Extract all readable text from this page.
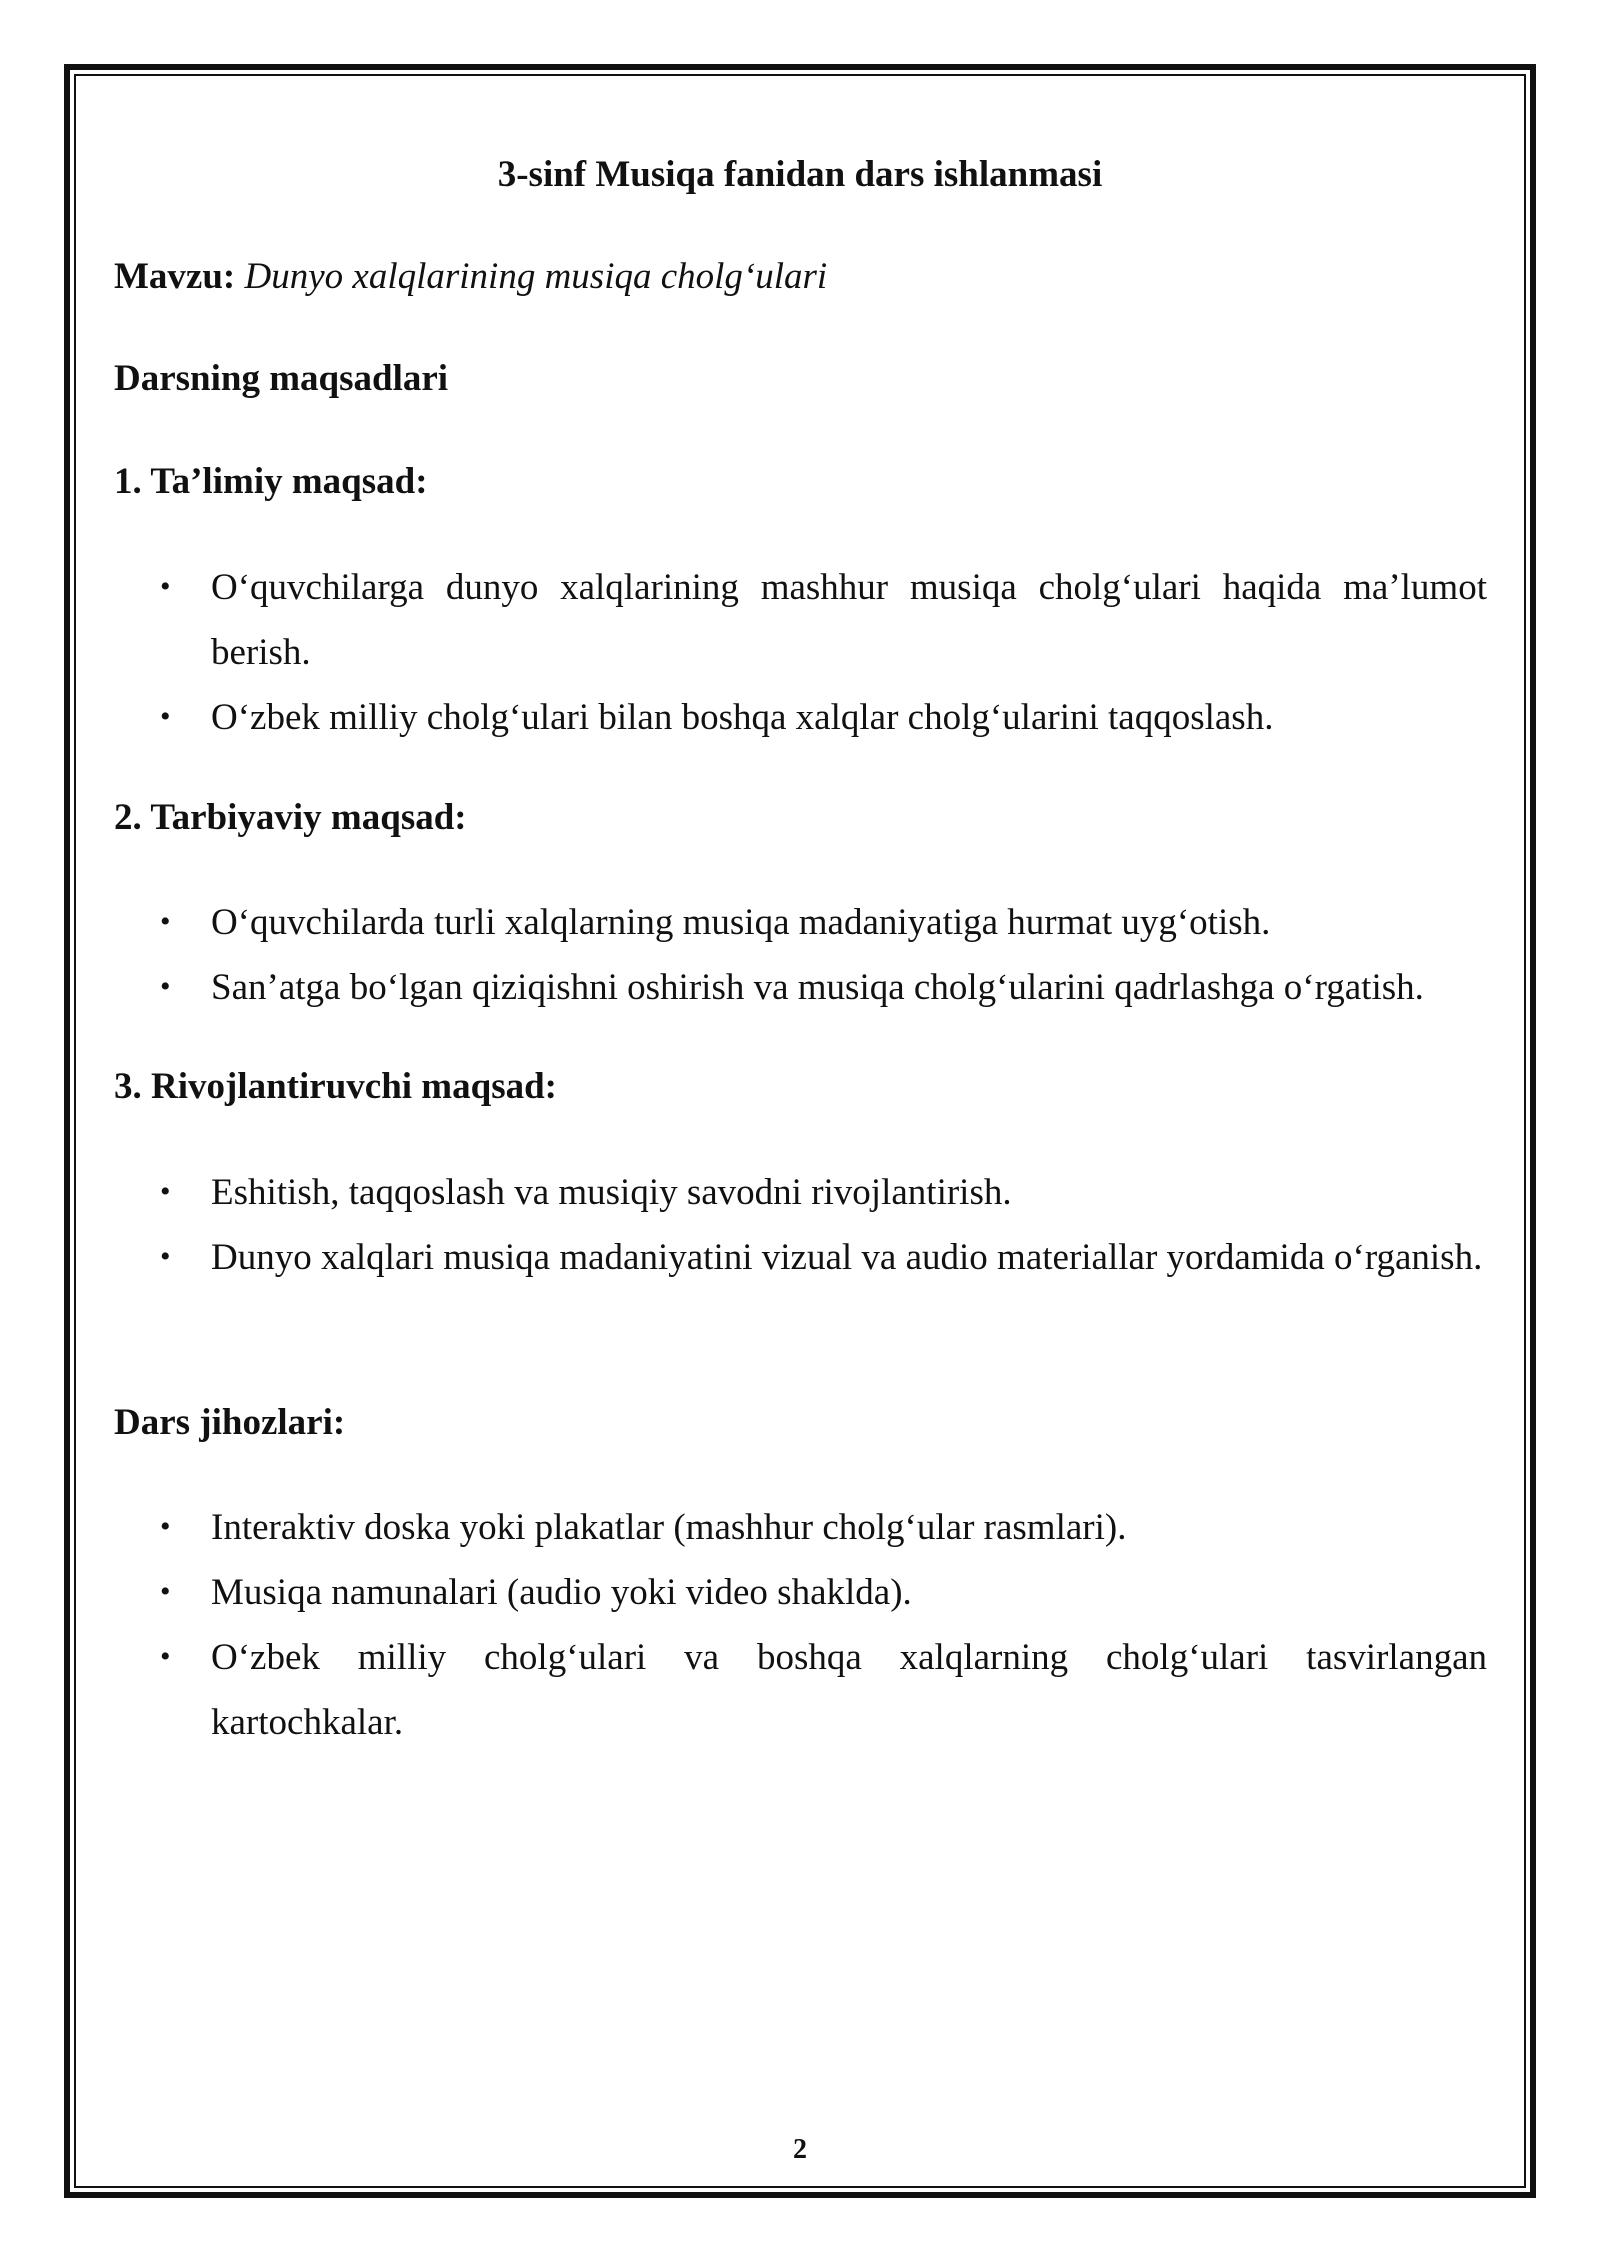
3-sinf Musiqa fanidan dars ishlanmasi

Mavzu: Dunyo xalqlarining musiqa cholg‘ulari

Darsning maqsadlari

1. Ta’limiy maqsad:

• O‘quvchilarga dunyo xalqlarining mashhur musiqa cholg‘ulari haqida ma’lumot berish.

• O‘zbek milliy cholg‘ulari bilan boshqa xalqlar cholg‘ularini taqqoslash.

2. Tarbiyaviy maqsad:

• O‘quvchilarda turli xalqlarning musiqa madaniyatiga hurmat uyg‘otish.

• San’atga bo‘lgan qiziqishni oshirish va musiqa cholg‘ularini qadrlashga o‘rgatish.

3. Rivojlantiruvchi maqsad:

• Eshitish, taqqoslash va musiqiy savodni rivojlantirish.

• Dunyo xalqlari musiqa madaniyatini vizual va audio materiallar yordamida o‘rganish.

Dars jihozlari:

• Interaktiv doska yoki plakatlar (mashhur cholg‘ular rasmlari).

• Musiqa namunalari (audio yoki video shaklda).

• O‘zbek milliy cholg‘ulari va boshqa xalqlarning cholg‘ulari tasvirlangan kartochkalar.

2
